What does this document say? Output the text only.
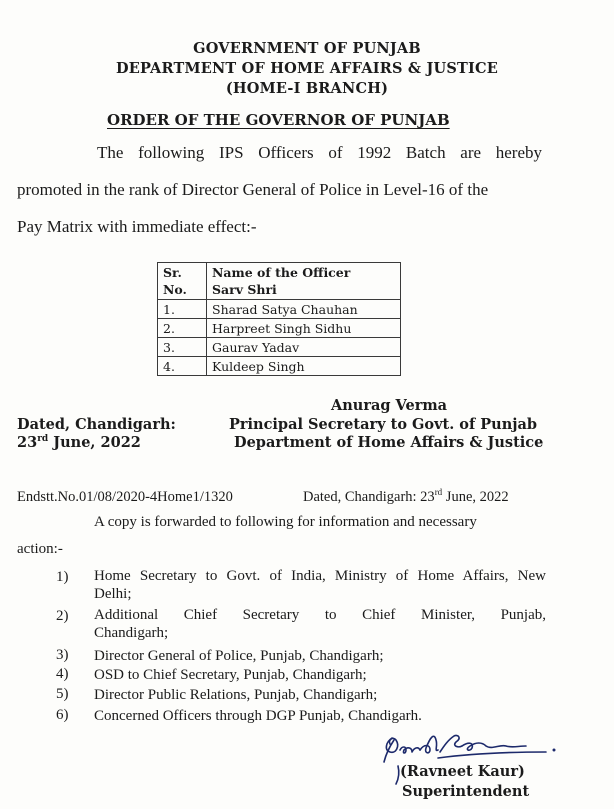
GOVERNMENT OF PUNJAB
DEPARTMENT OF HOME AFFAIRS & JUSTICE
(HOME-I BRANCH)
ORDER OF THE GOVERNOR OF PUNJAB
The following IPS Officers of 1992 Batch are hereby
promoted in the rank of Director General of Police in Level-16 of the
Pay Matrix with immediate effect:-
Sr.
No.	Name of the Officer
Sarv Shri
1.	Sharad Satya Chauhan
2.	Harpreet Singh Sidhu
3.	Gaurav Yadav
4.	Kuldeep Singh
Anurag Verma
Dated, Chandigarh:	Principal Secretary to Govt. of Punjab
23rd June, 2022	Department of Home Affairs & Justice
Endstt.No.01/08/2020-4Home1/1320	Dated, Chandigarh: 23rd June, 2022
A copy is forwarded to following for information and necessary
action:-
1) Home Secretary to Govt. of India, Ministry of Home Affairs, New
Delhi;
2) Additional Chief Secretary to Chief Minister, Punjab,
Chandigarh;
3) Director General of Police, Punjab, Chandigarh;
4) OSD to Chief Secretary, Punjab, Chandigarh;
5) Director Public Relations, Punjab, Chandigarh;
6) Concerned Officers through DGP Punjab, Chandigarh.
(Ravneet Kaur)
Superintendent
